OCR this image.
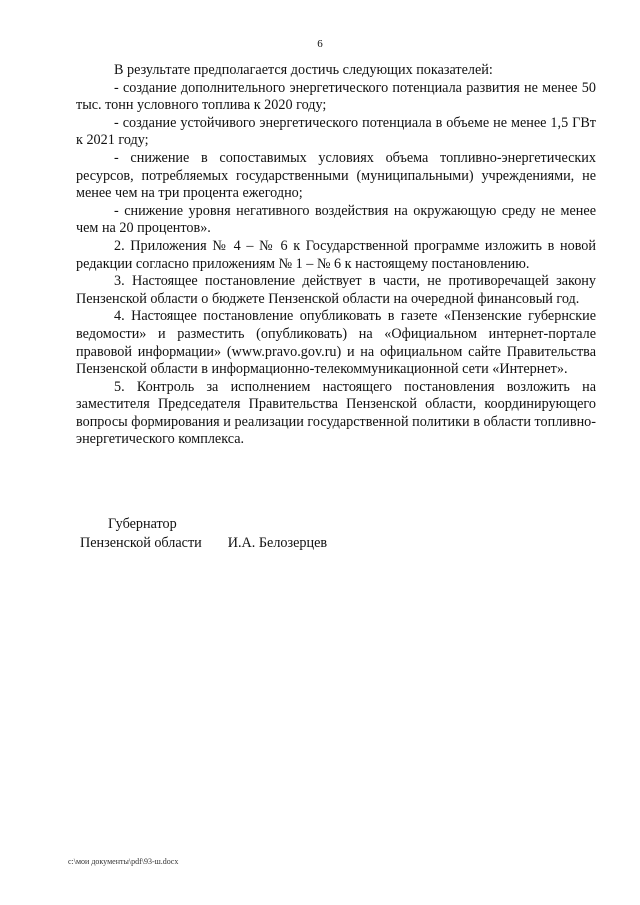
6

В результате предполагается достичь следующих показателей:

- создание дополнительного энергетического потенциала развития не менее 50 тыс. тонн условного топлива к 2020 году;

- создание устойчивого энергетического потенциала в объеме не менее 1,5 ГВт к 2021 году;

- снижение в сопоставимых условиях объема топливно-энергетических ресурсов, потребляемых государственными (муниципальными) учреждениями, не менее чем на три процента ежегодно;

- снижение уровня негативного воздействия на окружающую среду не менее чем на 20 процентов».

2. Приложения № 4 – № 6 к Государственной программе изложить в новой редакции согласно приложениям № 1 – № 6 к настоящему постановлению.

3. Настоящее постановление действует в части, не противоречащей закону Пензенской области о бюджете Пензенской области на очередной финансовый год.

4. Настоящее постановление опубликовать в газете «Пензенские губернские ведомости» и разместить (опубликовать) на «Официальном интернет-портале правовой информации» (www.pravo.gov.ru) и на официальном сайте Правительства Пензенской области в информационно-телекоммуникационной сети «Интернет».

5. Контроль за исполнением настоящего постановления возложить на заместителя Председателя Правительства Пензенской области, координирующего вопросы формирования и реализации государственной политики в области топливно-энергетического комплекса.

Губернатор
Пензенской области И.А. Белозерцев
c:\мои документы\pdf\93-ш.docx
